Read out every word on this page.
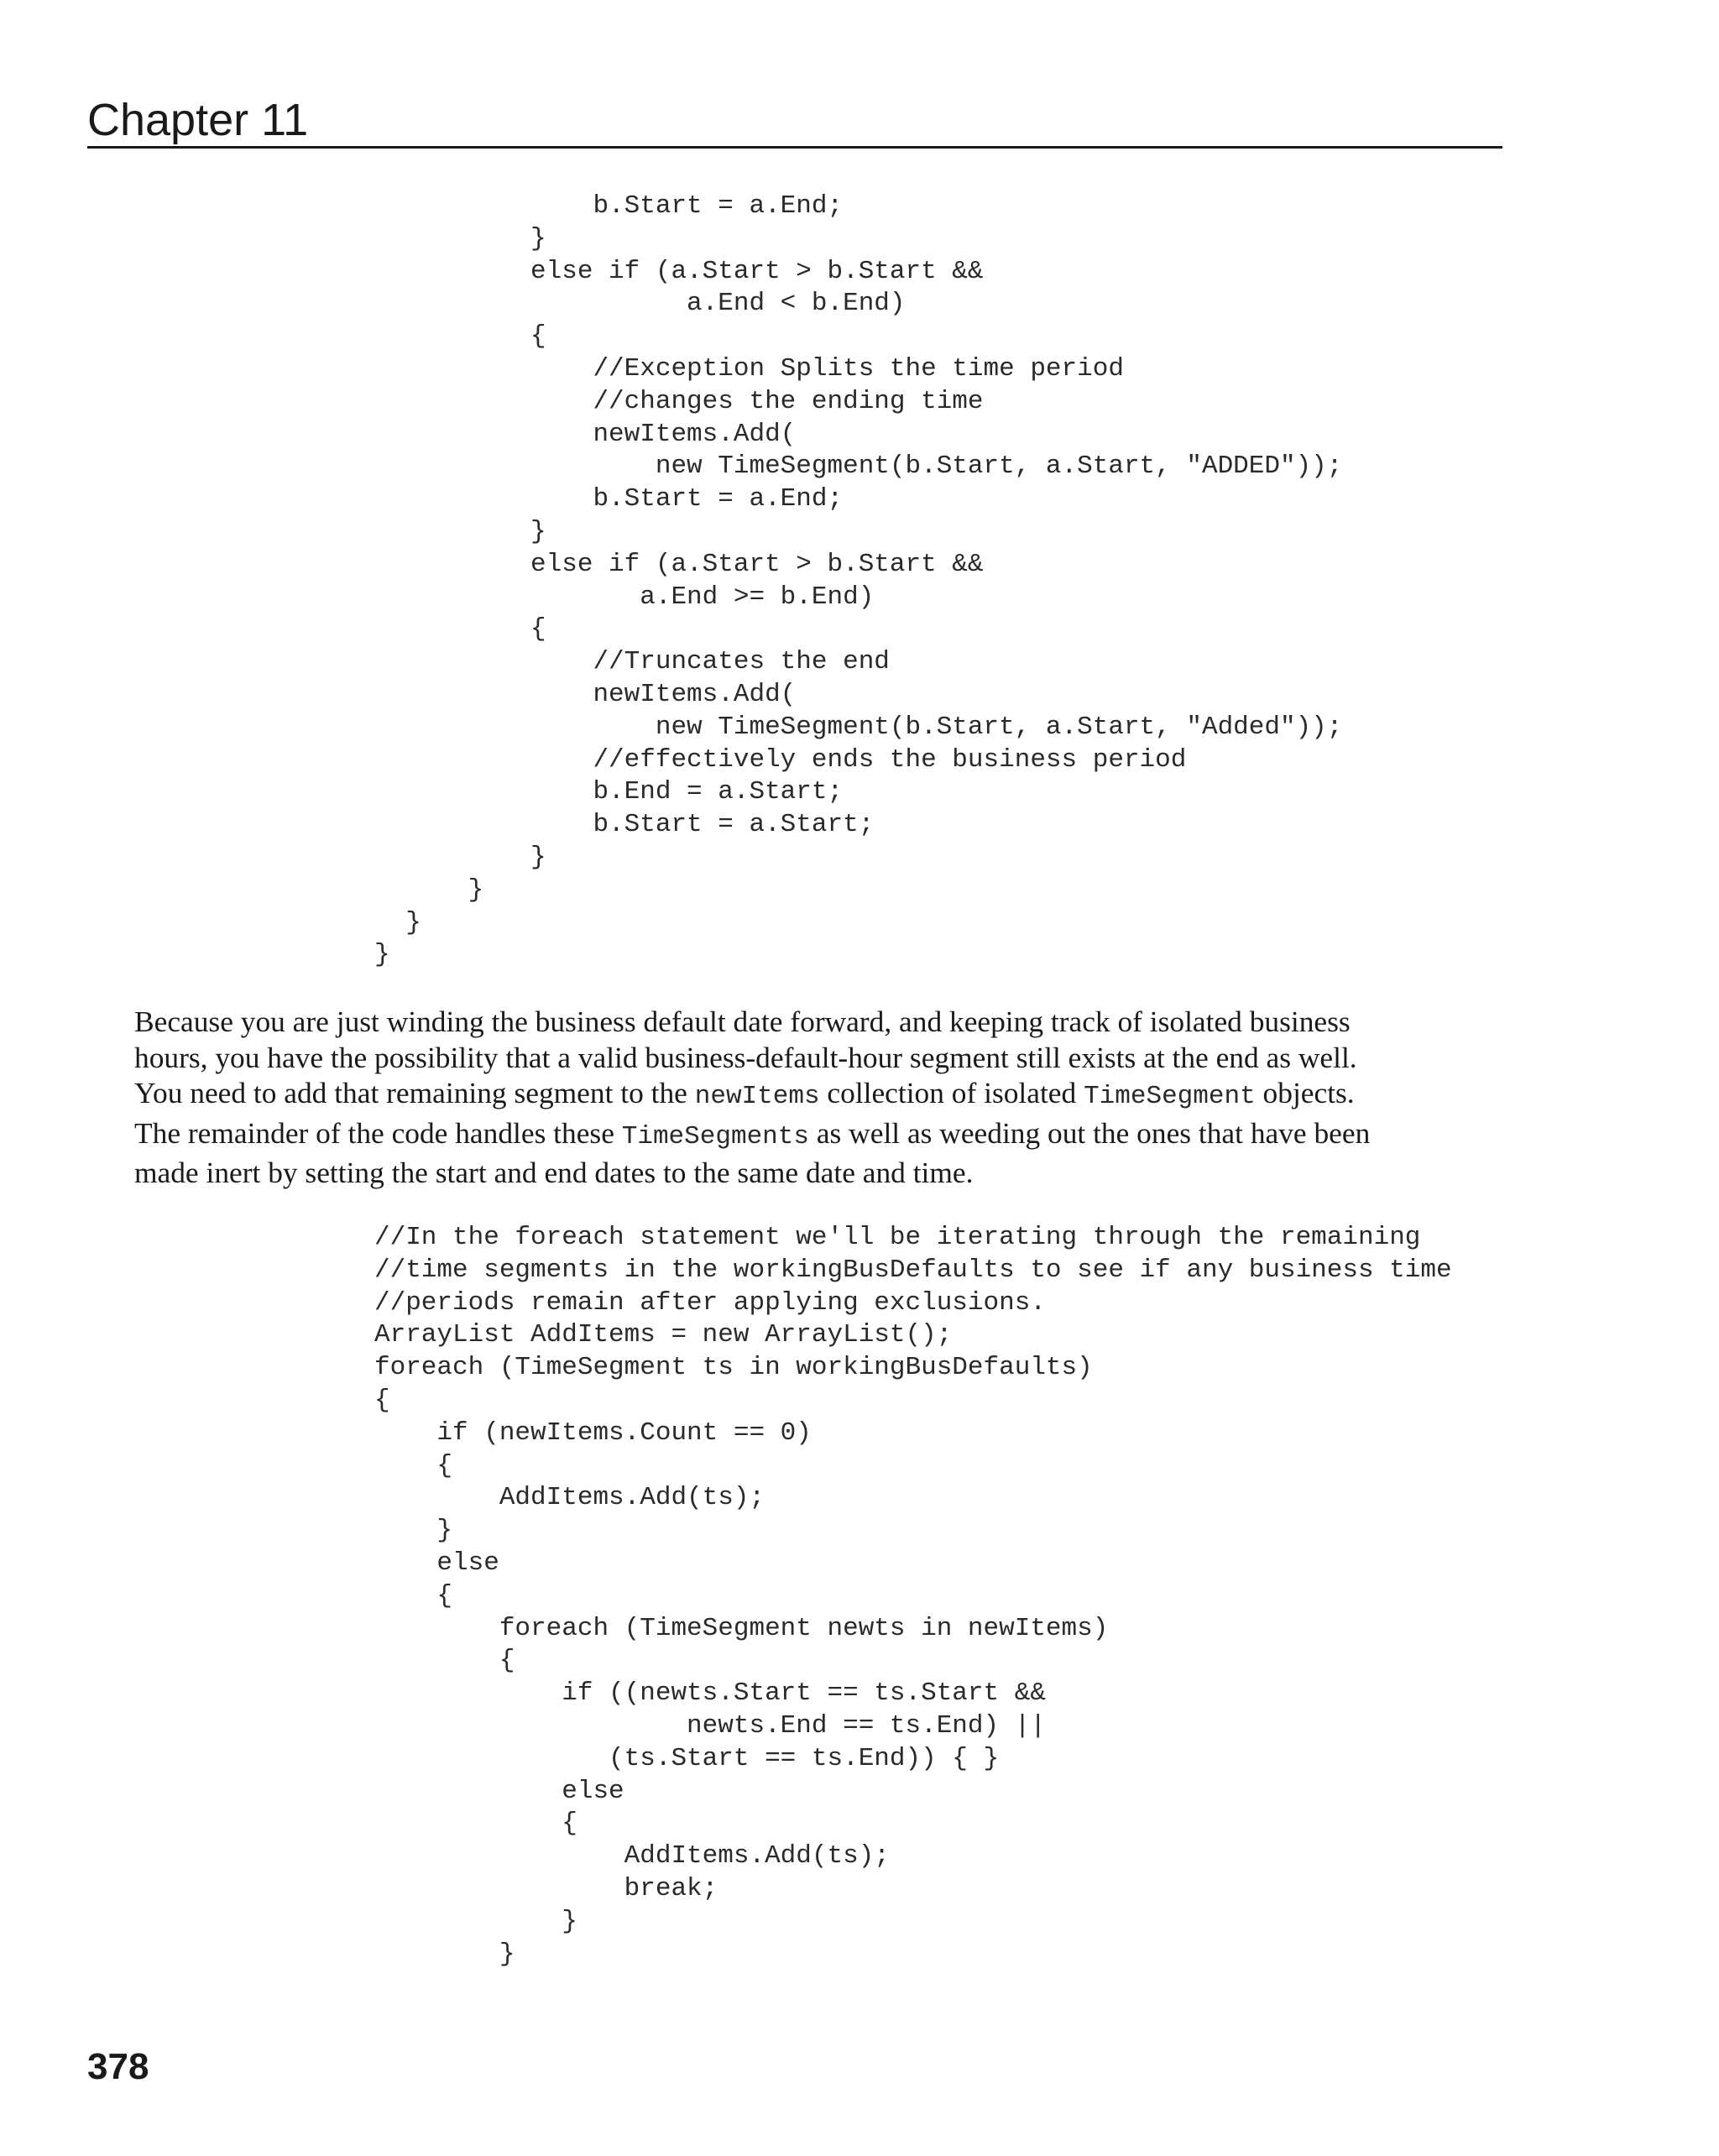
Chapter 11
b.Start = a.End;
}
else if (a.Start > b.Start &&
a.End < b.End)
{
//Exception Splits the time period
//changes the ending time
newItems.Add(
new TimeSegment(b.Start, a.Start, "ADDED"));
b.Start = a.End;
}
else if (a.Start > b.Start &&
a.End >= b.End)
{
//Truncates the end
newItems.Add(
new TimeSegment(b.Start, a.Start, "Added"));
//effectively ends the business period
b.End = a.Start;
b.Start = a.Start;
}
}
}
}
Because you are just winding the business default date forward, and keeping track of isolated business
hours, you have the possibility that a valid business-default-hour segment still exists at the end as well.
You need to add that remaining segment to the newItems collection of isolated TimeSegment objects.
The remainder of the code handles these TimeSegments as well as weeding out the ones that have been
made inert by setting the start and end dates to the same date and time.
//In the foreach statement we'll be iterating through the remaining
//time segments in the workingBusDefaults to see if any business time
//periods remain after applying exclusions.
ArrayList AddItems = new ArrayList();
foreach (TimeSegment ts in workingBusDefaults)
{
if (newItems.Count == 0)
{
AddItems.Add(ts);
}
else
{
foreach (TimeSegment newts in newItems)
{
if ((newts.Start == ts.Start &&
newts.End == ts.End) ||
(ts.Start == ts.End)) { }
else
{
AddItems.Add(ts);
break;
}
}
378
